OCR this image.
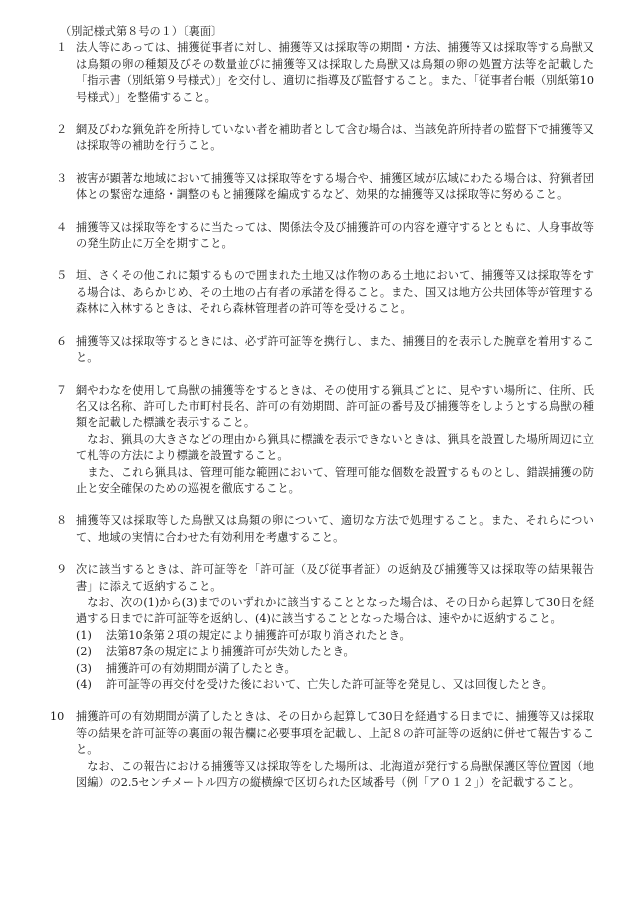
（別記様式第８号の１）〔裏面〕
１ 法人等にあっては、捕獲従事者に対し、捕獲等又は採取等の期間・方法、捕獲等又は採取等する鳥獣又は鳥類の卵の種類及びその数量並びに捕獲等又は採取した鳥獣又は鳥類の卵の処置方法等を記載した「指示書（別紙第９号様式）」を交付し、適切に指導及び監督すること。また、「従事者台帳（別紙第10号様式）」を整備すること。

２ 網及びわな猟免許を所持していない者を補助者として含む場合は、当該免許所持者の監督下で捕獲等又は採取等の補助を行うこと。

３ 被害が顕著な地域において捕獲等又は採取等をする場合や、捕獲区域が広域にわたる場合は、狩猟者団体との緊密な連絡・調整のもと捕獲隊を編成するなど、効果的な捕獲等又は採取等に努めること。

４ 捕獲等又は採取等をするに当たっては、関係法令及び捕獲許可の内容を遵守するとともに、人身事故等の発生防止に万全を期すこと。

５ 垣、さくその他これに類するもので囲まれた土地又は作物のある土地において、捕獲等又は採取等をする場合は、あらかじめ、その土地の占有者の承諾を得ること。また、国又は地方公共団体等が管理する森林に入林するときは、それら森林管理者の許可等を受けること。

６ 捕獲等又は採取等するときには、必ず許可証等を携行し、また、捕獲目的を表示した腕章を着用すること。

７ 網やわなを使用して鳥獣の捕獲等をするときは、その使用する猟具ごとに、見やすい場所に、住所、氏名又は名称、許可した市町村長名、許可の有効期間、許可証の番号及び捕獲等をしようとする鳥獣の種類を記載した標識を表示すること。

なお、猟具の大きさなどの理由から猟具に標識を表示できないときは、猟具を設置した場所周辺に立て札等の方法により標識を設置すること。

また、これら猟具は、管理可能な範囲において、管理可能な個数を設置するものとし、錯誤捕獲の防止と安全確保のための巡視を徹底すること。

８ 捕獲等又は採取等した鳥獣又は鳥類の卵について、適切な方法で処理すること。また、それらについて、地域の実情に合わせた有効利用を考慮すること。

９ 次に該当するときは、許可証等を「許可証（及び従事者証）の返納及び捕獲等又は採取等の結果報告書」に添えて返納すること。

なお、次の(1)から(3)までのいずれかに該当することとなった場合は、その日から起算して30日を経過する日までに許可証等を返納し、(4)に該当することとなった場合は、速やかに返納すること。

(1) 法第10条第２項の規定により捕獲許可が取り消されたとき。
(2) 法第87条の規定により捕獲許可が失効したとき。
(3) 捕獲許可の有効期間が満了したとき。
(4) 許可証等の再交付を受けた後において、亡失した許可証等を発見し、又は回復したとき。
10 捕獲許可の有効期間が満了したときは、その日から起算して30日を経過する日までに、捕獲等又は採取等の結果を許可証等の裏面の報告欄に必要事項を記載し、上記８の許可証等の返納に併せて報告すること。

なお、この報告における捕獲等又は採取等をした場所は、北海道が発行する鳥獣保護区等位置図（地図編）の2.5センチメートル四方の縦横線で区切られた区域番号（例「ア０１２」）を記載すること。
